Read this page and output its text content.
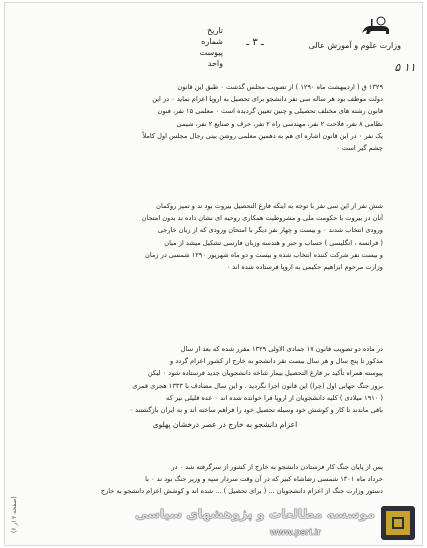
وزارت علوم و آموزش عالی
تاریخ
شماره
پیوست
واحد
ـ ۳ ـ
۵ ۱۱
۱۳۲۹ ق ( اردیبهشت ماه ۱۲۹۰ ) از تصویب مجلس گذشت ۰ طبق این قانون
دولت موظف بود هر ساله سی نفر دانشجو برای تحصیل به اروپا اعزام نماید ۰ در این
قانون رشته های مختلف تحصیلی و چنین تعیین گردیده است ۰ معلمی ۱۵ نفر، فنون
نظامی ۸ نفر، فلاحت ۲ نفر، مهندسی راه ۲ نفر، حرف و صنایع ۲ نفر، شیمی
یک نفر ۰ در این قانون اشاره ای هم به دهمین معلمی روشن بینی رجال مجلس اول کاملاً
چشم گیر است ۰
شش نفر از این سی نفر با توجه به اینکه فارغ التحصیل بیروت بود ند و تمیز روکمان
آنان در بیروت با حکومت ملی و مشروطیت همکاری روحیه ای نشان داده ند بدون امتحان
ورودی انتخاب شدند ۰ و بیست و چهار نفر دیگر با امتحان ورودی که از زبان خارجی
( فرانسه ، انگلیسی ) حساب و جبر و هندسه وزبان فارسی تشکیل میشد از میان
و بیست نفر شرکت کننده انتخاب شده و بیست و دو ماه شهریور ۱۲۹۰ شمسی در زمان
وزارت مرحوم ابراهیم حکیمی به اروپا فرستاده شده اند ۰
در ماده دو تصویب قانون ۱۷ جمادی الاولی ۱۳۲۹ مقرر شده که بعد از سال
مذکور تا پنج سال و هر سال بیست نفر دانشجو به خارج از کشور اعزام گردد و
پیوسته همراه تأکید بر فارغ التحصیل بیمار شاخه دانشجویان جدید فرستاده شود ۰ لیکن
بروز جنگ جهانی اول (چرا) این قانون اجرا نگردید . و این سال مصادف با ۱۳۳۳ هجری قمری
( ۱۹۱۰ میلادی ) کلیه دانشجویان از اروپا فرا خوانده شده اند ۰ عده قلیلی نیز که
باقی ماندند تا کار و کوشش خود وسیله تحصیل خود را فراهم ساخته اند و به ایران بازگشتند ۰
اعزام دانشجو به خارج در عصر درخشان پهلوی
پس از پایان جنگ کار فرستادن دانشجو به خارج از کشور از سرگرفته شد ۰ در
خرداد ماه ۱۳۰۱ شمسی رضاشاه کبیر که در آن وقت سردار سپه و وزیر جنگ بود ند ۰ با
دستور وزارت جنگ از اعزام دانشجویان ... ( برای تحصیل ) ... شده اند و کوشش اعزام دانشجو به خارج
(صفحه ۳ از ۶)
موسسه مطالعات و پژوهشهای سیاسی
www.psri.ir
